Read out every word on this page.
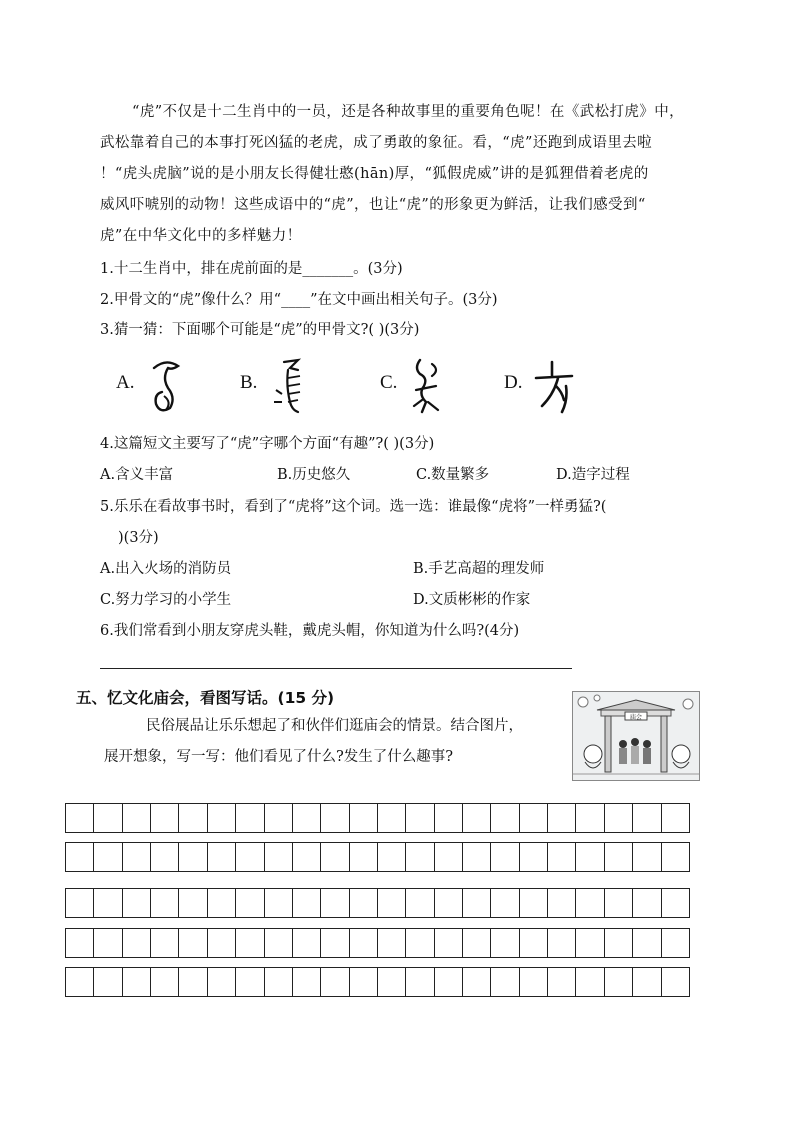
“虎”不仅是十二生肖中的一员，还是各种故事里的重要角色呢！在《武松打虎》中，
武松靠着自己的本事打死凶猛的老虎，成了勇敢的象征。看，“虎”还跑到成语里去啦
！“虎头虎脑”说的是小朋友长得健壮憨(hān)厚，“狐假虎威”讲的是狐狸借着老虎的
威风吓唬别的动物！这些成语中的“虎”，也让“虎”的形象更为鲜活，让我们感受到“
虎”在中华文化中的多样魅力！
1.十二生肖中，排在虎前面的是_______。(3分)
2.甲骨文的“虎”像什么？用“____”在文中画出相关句子。(3分)
3.猜一猜：下面哪个可能是“虎”的甲骨文?( )(3分)
A.	B.	C.	D.
4.这篇短文主要写了“虎”字哪个方面“有趣”?( )(3分)
A.含义丰富	B.历史悠久	C.数量繁多	D.造字过程
5.乐乐在看故事书时，看到了“虎将”这个词。选一选：谁最像“虎将”一样勇猛?(
)(3分)
A.出入火场的消防员	B.手艺高超的理发师
C.努力学习的小学生	D.文质彬彬的作家
6.我们常看到小朋友穿虎头鞋，戴虎头帽，你知道为什么吗?(4分)
五、忆文化庙会，看图写话。(15 分)
民俗展品让乐乐想起了和伙伴们逛庙会的情景。结合图片，
展开想象，写一写：他们看见了什么?发生了什么趣事?
庙会
